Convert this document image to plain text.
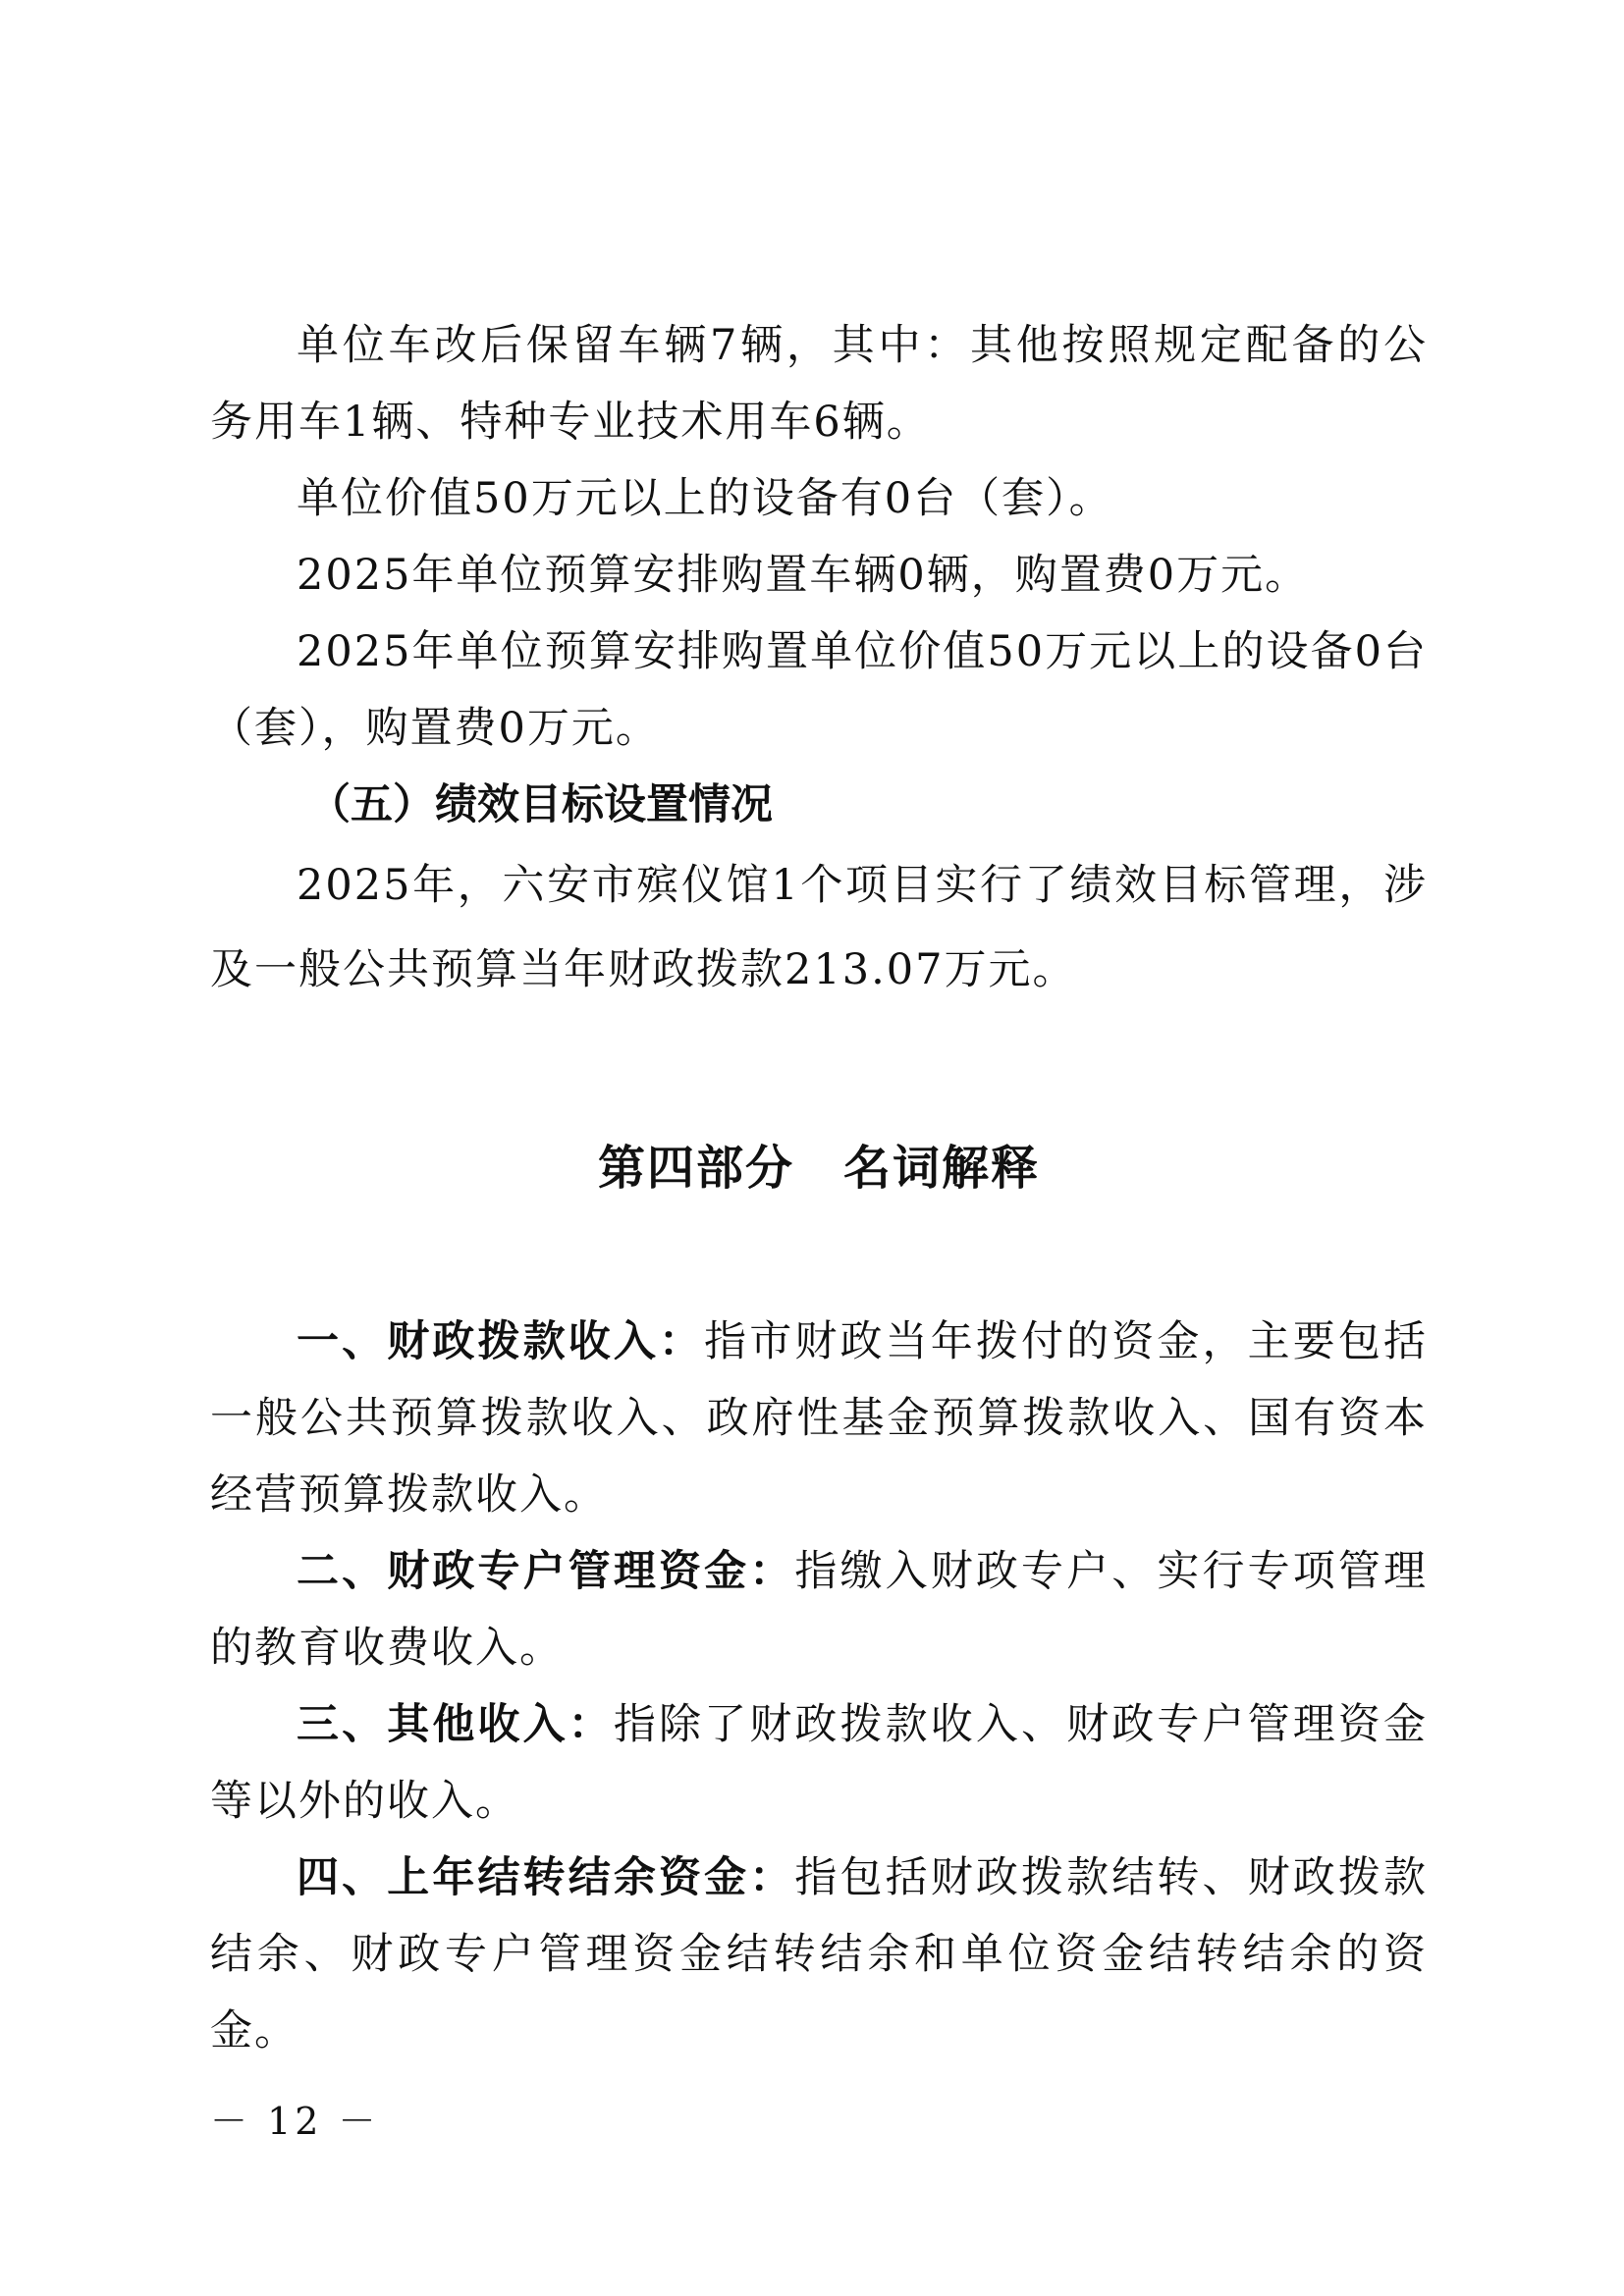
单位车改后保留车辆7辆，其中：其他按照规定配备的公务用车1辆、特种专业技术用车6辆。

单位价值50万元以上的设备有0台（套）。

2025年单位预算安排购置车辆0辆，购置费0万元。

2025年单位预算安排购置单位价值50万元以上的设备0台（套），购置费0万元。

（五）绩效目标设置情况

2025年，六安市殡仪馆1个项目实行了绩效目标管理，涉及一般公共预算当年财政拨款213.07万元。

第四部分　名词解释

一、财政拨款收入：指市财政当年拨付的资金，主要包括一般公共预算拨款收入、政府性基金预算拨款收入、国有资本经营预算拨款收入。

二、财政专户管理资金：指缴入财政专户、实行专项管理的教育收费收入。

三、其他收入：指除了财政拨款收入、财政专户管理资金等以外的收入。

四、上年结转结余资金：指包括财政拨款结转、财政拨款结余、财政专户管理资金结转结余和单位资金结转结余的资金。

－ 12 －
